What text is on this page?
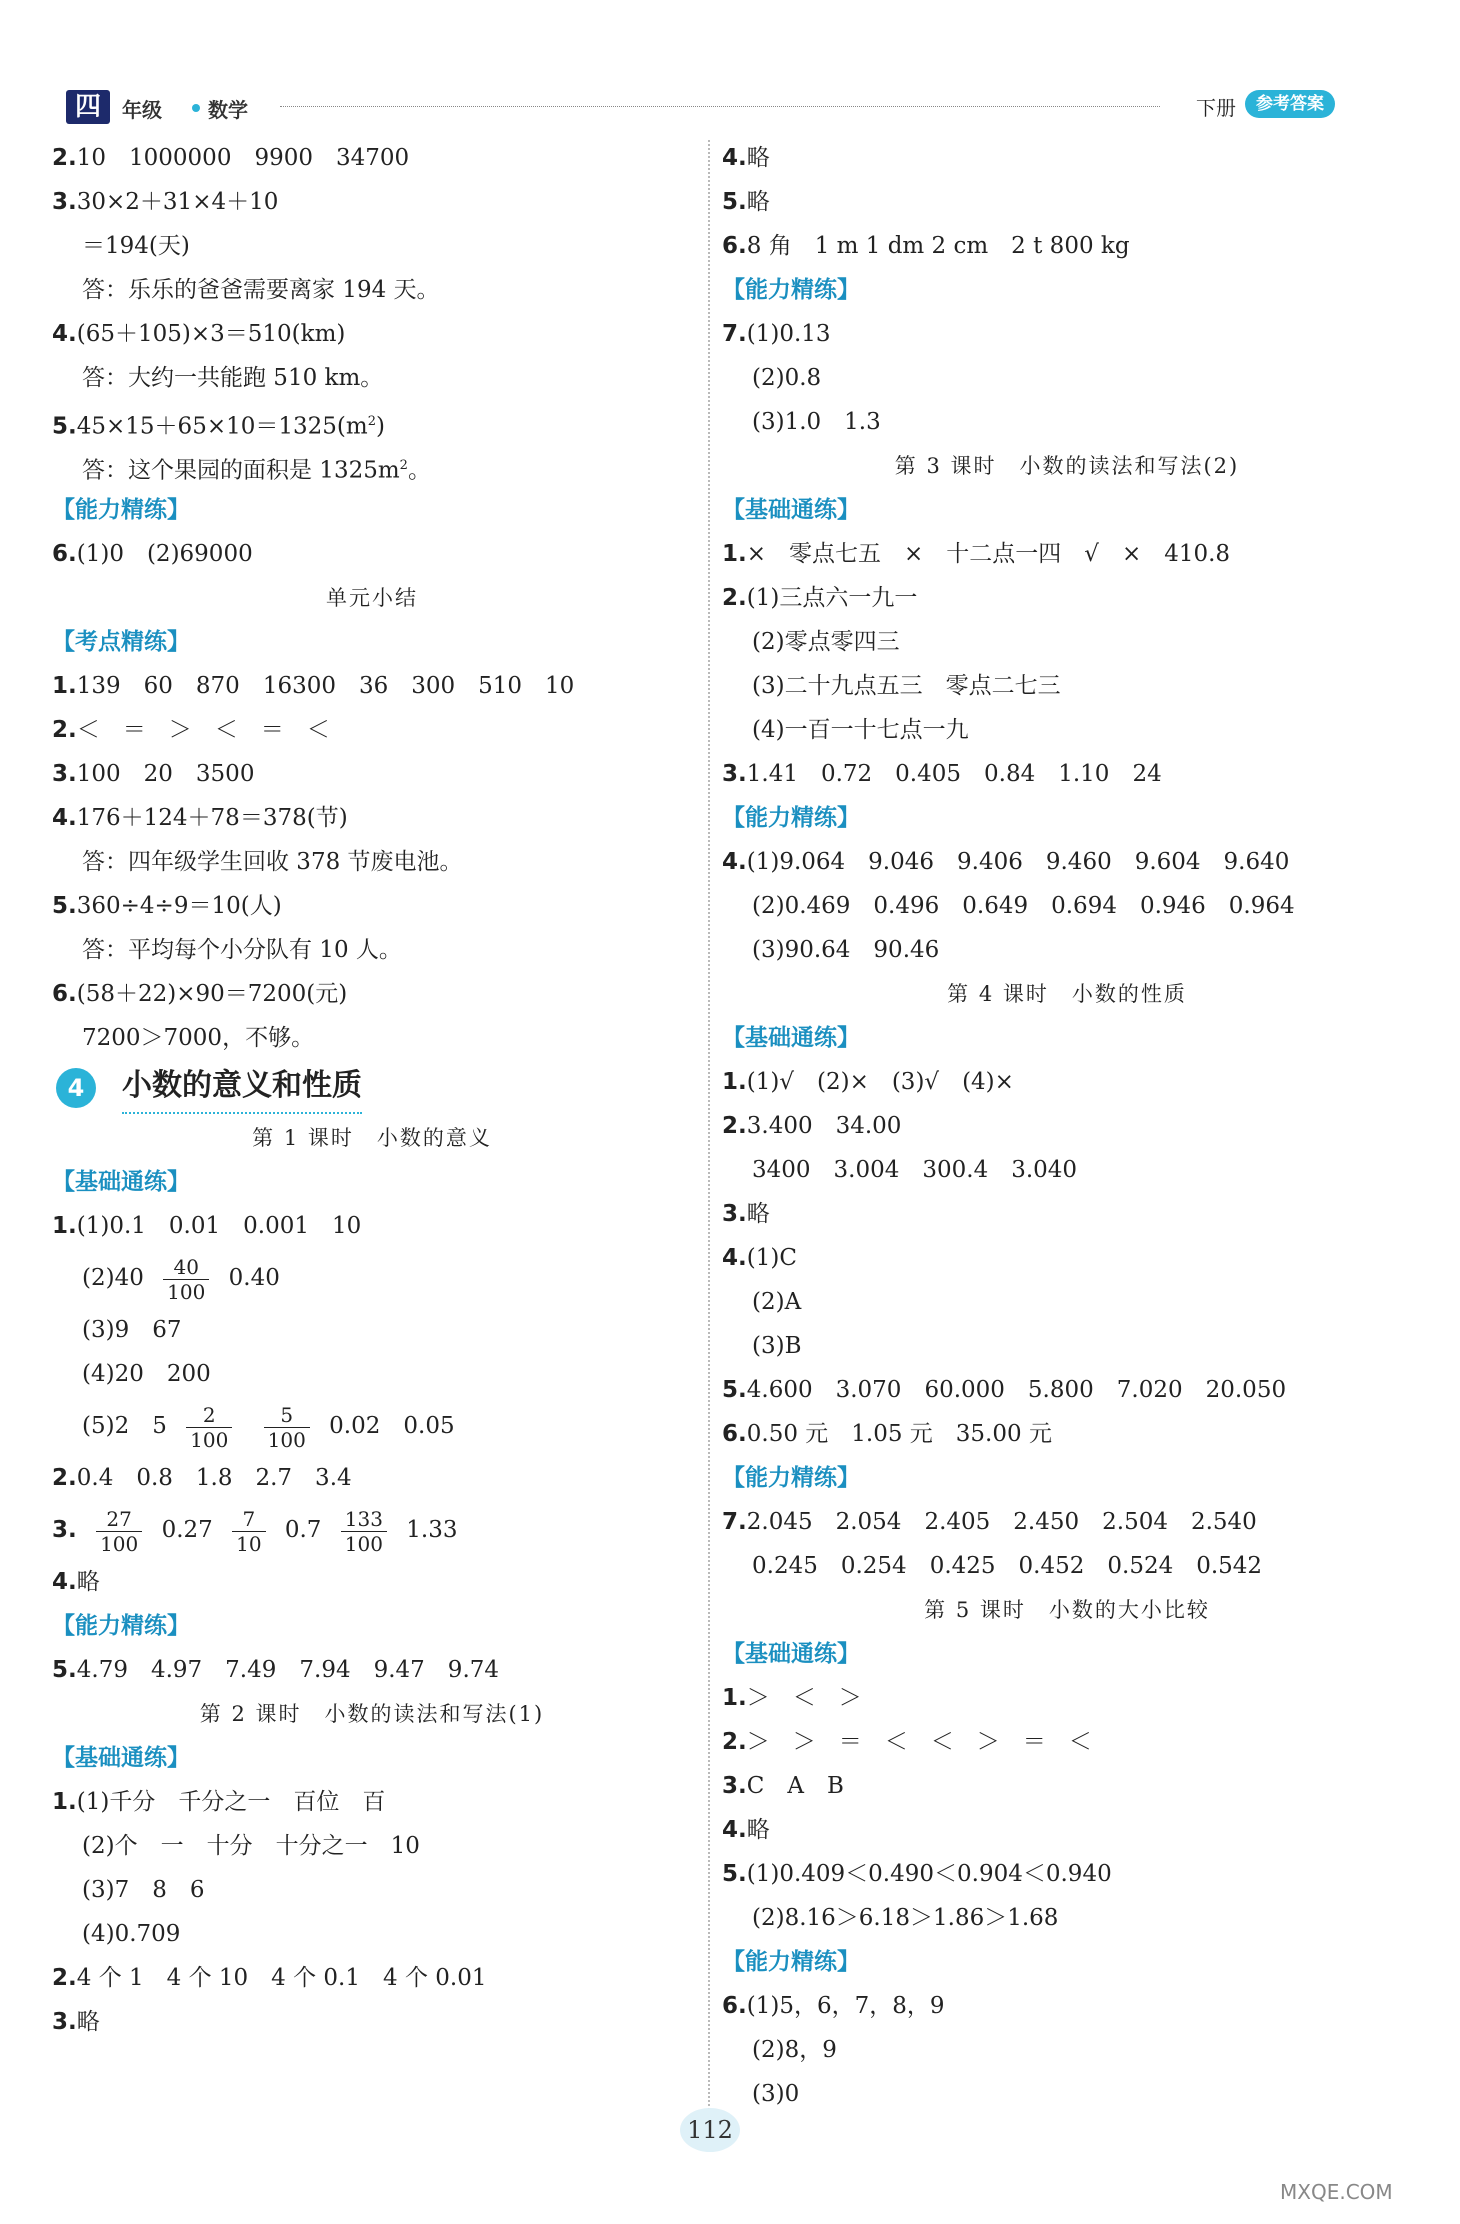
四	年级 数学	下册	参考答案
2.10　1000000　9900　34700
3.30×2＋31×4＋10
＝194(天)
答：乐乐的爸爸需要离家 194 天。
4.(65＋105)×3＝510(km)
答：大约一共能跑 510 km。
$5.45\times 15+65\times 10=1325(m^2)$
答：这个果园的面积是 $1325m^2$。
【能力精练】
6.(1)0　(2)69000
单元小结
【考点精练】
1.139　60　870　16300　36　300　510　10
2.＜　＝　＞　＜　＝　＜
3.100　20　3500
4.176＋124＋78＝378(节)
答：四年级学生回收 378 节废电池。
5.360÷4÷9＝10(人)
答：平均每个小分队有 10 人。
6.(58＋22)×90＝7200(元)
7200＞7000，不够。
4	小数的意义和性质
第 1 课时　小数的意义
【基础通练】
1.(1)0.1　0.01　0.001　10
$(2)40 \frac{40}{100} 0.40$
(3)9　67
(4)20　200
(5)2　$5 \frac{2}{100}$
$\frac{5}{100} 0.02$　0.05
2.0.4　0.8　1.8　2.7　3.4
3. $\frac{27}{100} 0.27 \frac{7}{10} 0.7 \frac{133}{100} 1.33$
4.略
【能力精练】
5.4.79　4.97　7.49　7.94　9.47　9.74
第 2 课时　小数的读法和写法(1)
【基础通练】
1.(1)千分　千分之一　百位　百
(2)个　一　十分　十分之一　10
(3)7　8　6
(4)0.709
2.4 个 1　4 个 10　4 个 0.1　4 个 0.01
3.略
4.略
5.略
6.8 角　1 m 1 dm 2 cm　2 t 800 kg
【能力精练】
7.(1)0.13
(2)0.8
(3)1.0　1.3
第 3 课时　小数的读法和写法(2)
【基础通练】
1.×　零点七五　×　十二点一四　√　×　410.8
2.(1)三点六一九一
(2)零点零四三
(3)二十九点五三　零点二七三
(4)一百一十七点一九
3.1.41　0.72　0.405　0.84　1.10　24
【能力精练】
4.(1)9.064　9.046　9.406　9.460　9.604　9.640
(2)0.469　0.496　0.649　0.694　0.946　0.964
(3)90.64　90.46
第 4 课时　小数的性质
【基础通练】
1.(1)√　(2)×　(3)√　(4)×
2.3.400　34.00
3400　3.004　300.4　3.040
3.略
4.(1)C
(2)A
(3)B
5.4.600　3.070　60.000　5.800　7.020　20.050
6.0.50 元　1.05 元　35.00 元
【能力精练】
7.2.045　2.054　2.405　2.450　2.504　2.540
0.245　0.254　0.425　0.452　0.524　0.542
第 5 课时　小数的大小比较
【基础通练】
1.＞　＜　＞
2.＞　＞　＝　＜　＜　＞　＝　＜
3.C　A　B
4.略
5.(1)0.409＜0.490＜0.904＜0.940
(2)8.16＞6.18＞1.86＞1.68
【能力精练】
6.(1)5，6，7，8，9
(2)8，9
(3)0
112
MXQE.COM
